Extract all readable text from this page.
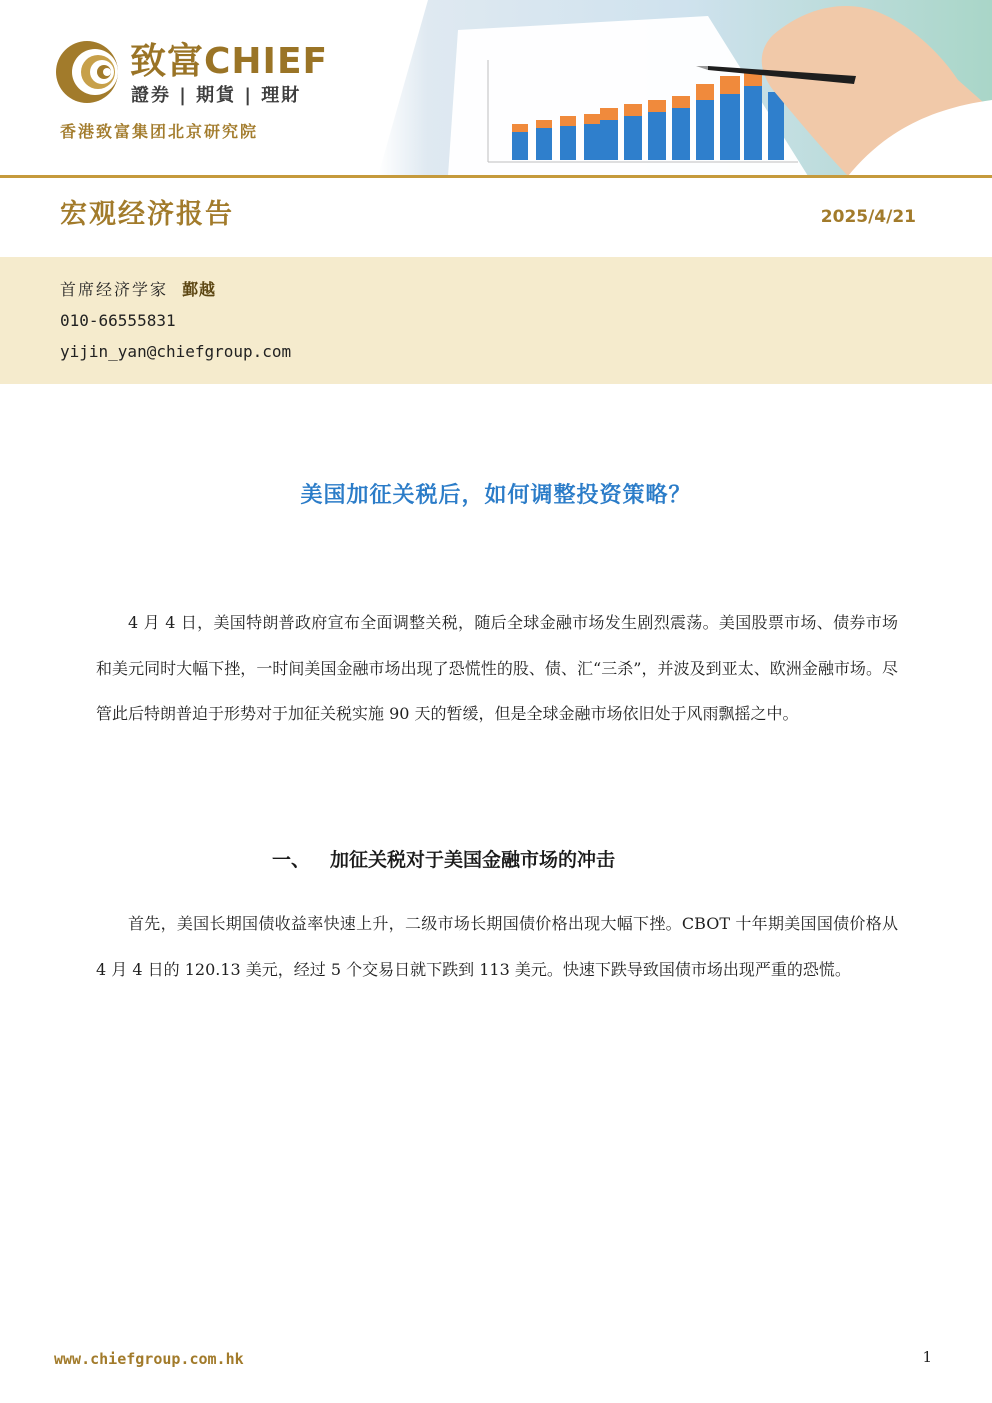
致富CHIEF
證券 | 期貨 | 理財
香港致富集团北京研究院
宏观经济报告	2025/4/21
首席经济学家 鄞越
010-66555831
yijin_yan@chiefgroup.com
美国加征关税后，如何调整投资策略？
4 月 4 日，美国特朗普政府宣布全面调整关税，随后全球金融市场发生剧烈震荡。美国股票市场、债券市场和美元同时大幅下挫，一时间美国金融市场出现了恐慌性的股、债、汇“三杀”，并波及到亚太、欧洲金融市场。尽管此后特朗普迫于形势对于加征关税实施 90 天的暂缓，但是全球金融市场依旧处于风雨飘摇之中。
一、 加征关税对于美国金融市场的冲击
首先，美国长期国债收益率快速上升，二级市场长期国债价格出现大幅下挫。CBOT 十年期美国国债价格从 4 月 4 日的 120.13 美元，经过 5 个交易日就下跌到 113 美元。快速下跌导致国债市场出现严重的恐慌。
www.chiefgroup.com.hk	1
